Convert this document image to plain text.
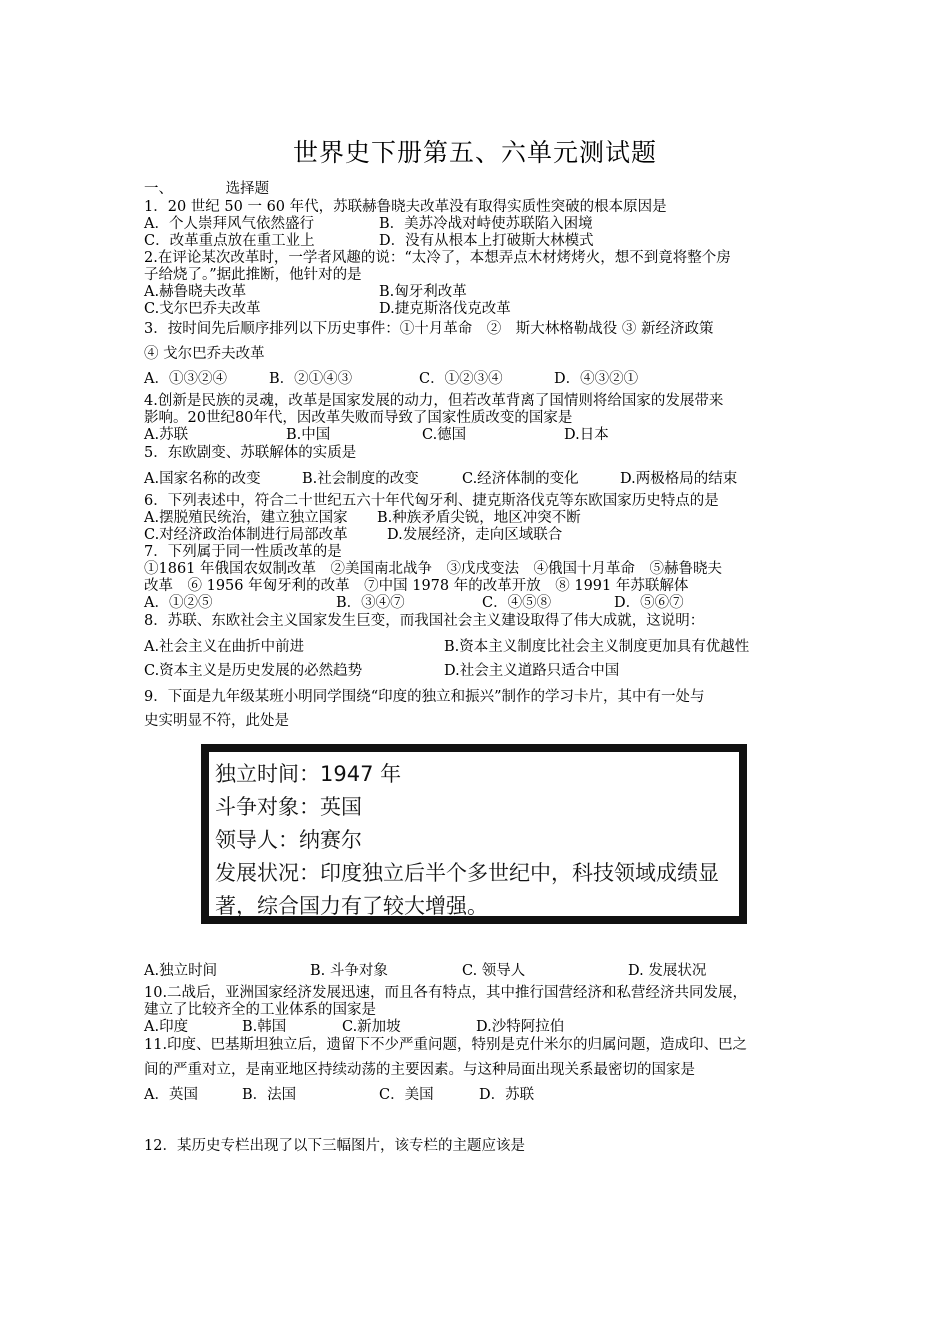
世界史下册第五、六单元测试题
一、	选择题
1．20 世纪 50 一 60 年代，苏联赫鲁晓夫改革没有取得实质性突破的根本原因是
A．个人崇拜风气依然盛行	B．美苏冷战对峙使苏联陷入困境
C．改革重点放在重工业上	D．没有从根本上打破斯大林模式
2.在评论某次改革时，一学者风趣的说：“太冷了，本想弄点木材烤烤火，想不到竟将整个房
子给烧了。”据此推断，他针对的是
A.赫鲁晓夫改革	B.匈牙利改革
C.戈尔巴乔夫改革	D.捷克斯洛伐克改革
3．按时间先后顺序排列以下历史事件：①十月革命　②　斯大林格勒战役 ③ 新经济政策
④ 戈尔巴乔夫改革
A．①③②④	B．②①④③	C．①②③④	D．④③②①
4.创新是民族的灵魂，改革是国家发展的动力，但若改革背离了国情则将给国家的发展带来
影响。20世纪80年代，因改革失败而导致了国家性质改变的国家是
A.苏联	B.中国	C.德国	D.日本
5．东欧剧变、苏联解体的实质是
A.国家名称的改变	B.社会制度的改变	C.经济体制的变化	D.两极格局的结束
6．下列表述中，符合二十世纪五六十年代匈牙利、捷克斯洛伐克等东欧国家历史特点的是
A.摆脱殖民统治，建立独立国家 B.种族矛盾尖锐，地区冲突不断
C.对经济政治体制进行局部改革	D.发展经济，走向区域联合
7．下列属于同一性质改革的是
①1861 年俄国农奴制改革　②美国南北战争　③戊戌变法　④俄国十月革命　⑤赫鲁晓夫
改革　⑥ 1956 年匈牙利的改革　⑦中国 1978 年的改革开放　⑧ 1991 年苏联解体
A．①②⑤	B．③④⑦	C．④⑤⑧	D．⑤⑥⑦
8．苏联、东欧社会主义国家发生巨变，而我国社会主义建设取得了伟大成就，这说明：
A.社会主义在曲折中前进	B.资本主义制度比社会主义制度更加具有优越性
C.资本主义是历史发展的必然趋势	D.社会主义道路只适合中国
9．下面是九年级某班小明同学围绕“印度的独立和振兴”制作的学习卡片，其中有一处与
史实明显不符，此处是
A.独立时间	B. 斗争对象	C. 领导人	D. 发展状况
10.二战后，亚洲国家经济发展迅速，而且各有特点，其中推行国营经济和私营经济共同发展，
建立了比较齐全的工业体系的国家是
A.印度	B.韩国	C.新加坡	D.沙特阿拉伯
11.印度、巴基斯坦独立后，遗留下不少严重问题，特别是克什米尔的归属问题，造成印、巴之
间的严重对立，是南亚地区持续动荡的主要因素。与这种局面出现关系最密切的国家是
A．英国	B．法国	C．美国	D．苏联
12．某历史专栏出现了以下三幅图片，该专栏的主题应该是
独立时间：1947 年
斗争对象：英国
领导人：纳赛尔
发展状况：印度独立后半个多世纪中，科技领域成绩显
著，综合国力有了较大增强。
